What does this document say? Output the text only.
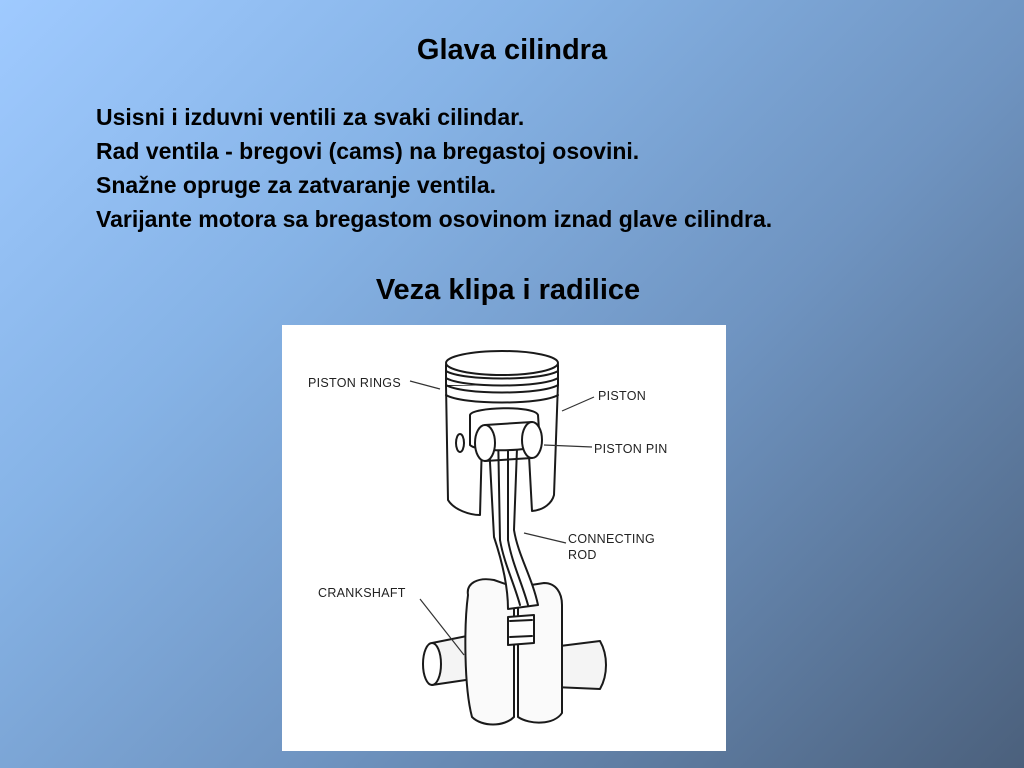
Glava cilindra
Usisni i izduvni ventili za svaki cilindar.
Rad ventila - bregovi (cams) na bregastoj osovini.
Snažne opruge za zatvaranje ventila.
Varijante motora sa bregastom osovinom iznad glave cilindra.
Veza klipa i radilice
PISTON RINGS
PISTON
PISTON PIN
CONNECTING
ROD
CRANKSHAFT
